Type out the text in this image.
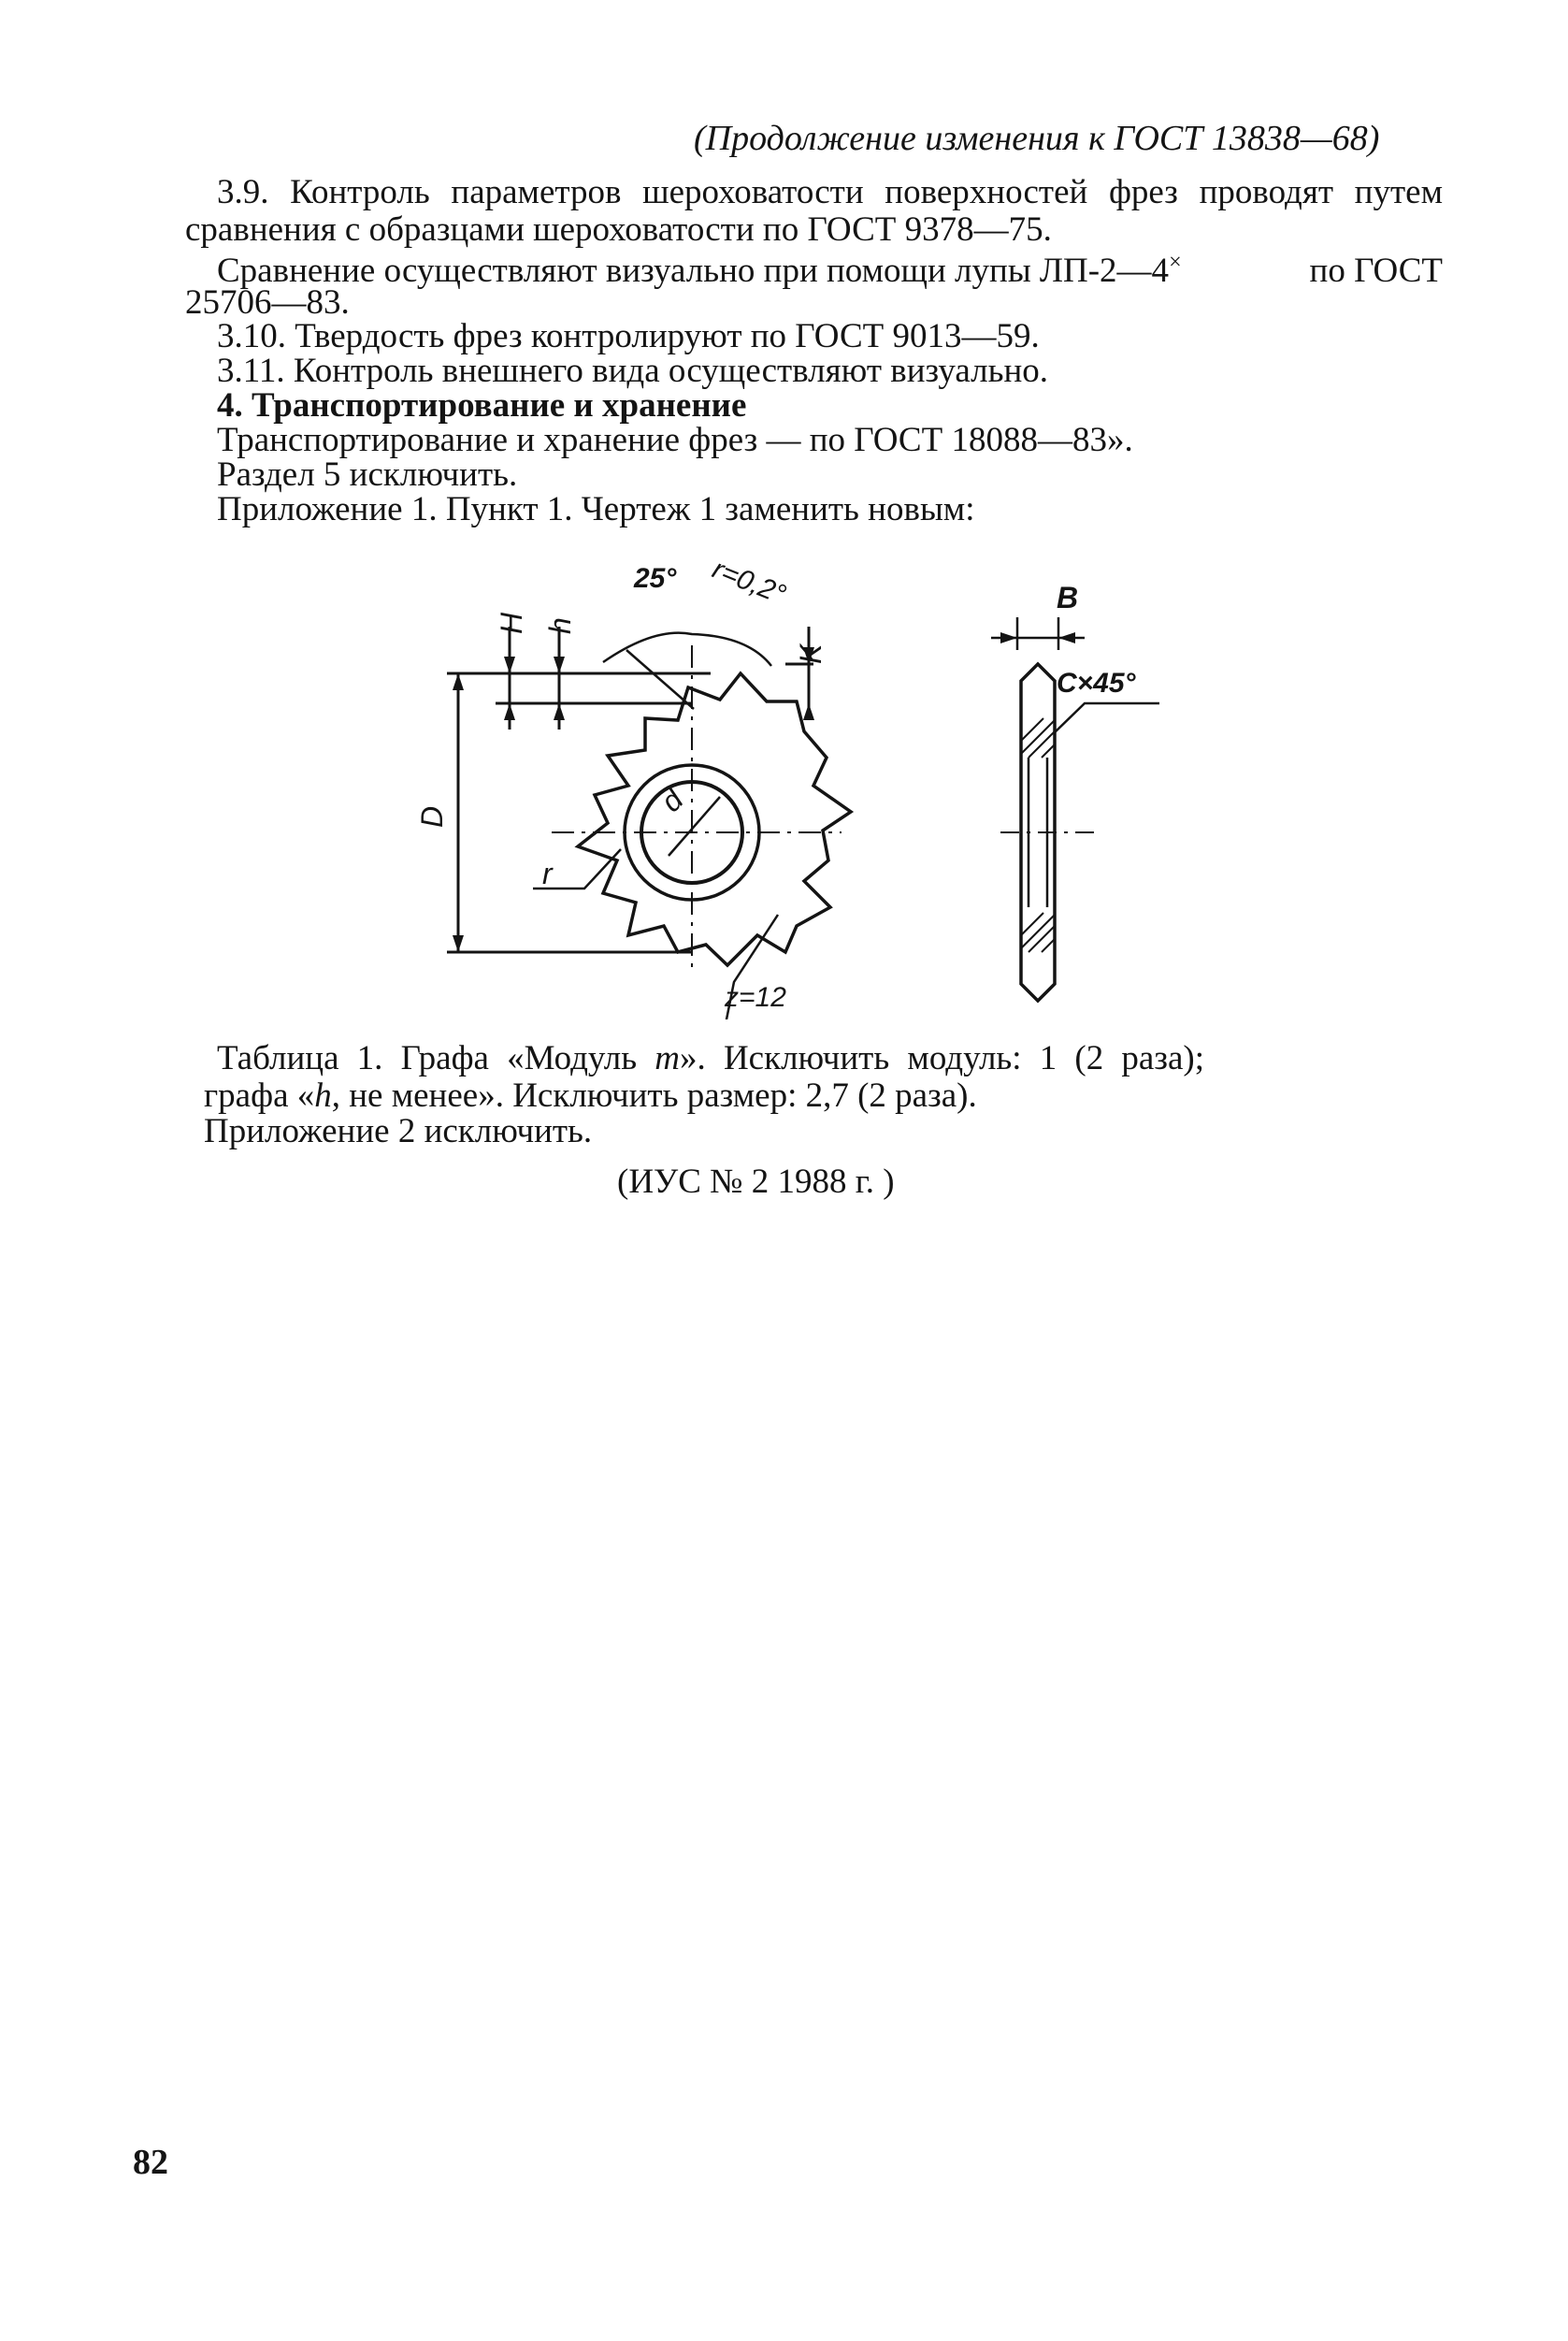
(Продолжение изменения к ГОСТ 13838—68)
3.9. Контроль параметров шероховатости поверхностей фрез проводят путем
сравнения с образцами шероховатости по ГОСТ 9378—75.
Сравнение осуществляют визуально при помощи лупы ЛП-2—4×	по ГОСТ
25706—83.
3.10. Твердость фрез контролируют по ГОСТ 9013—59.
3.11. Контроль внешнего вида осуществляют визуально.
4. Транспортирование и хранение
Транспортирование и хранение фрез — по ГОСТ 18088—83».
Раздел 5 исключить.
Приложение 1. Пункт 1. Чертеж 1 заменить новым:
25° r=0,2°
H h
K
D	d
r
z=12
B
C×45°
Таблица 1. Графа «Модуль m». Исключить модуль: 1 (2 раза);
графа «h, не менее». Исключить размер: 2,7 (2 раза).
Приложение 2 исключить.
(ИУС № 2 1988 г. )
82
